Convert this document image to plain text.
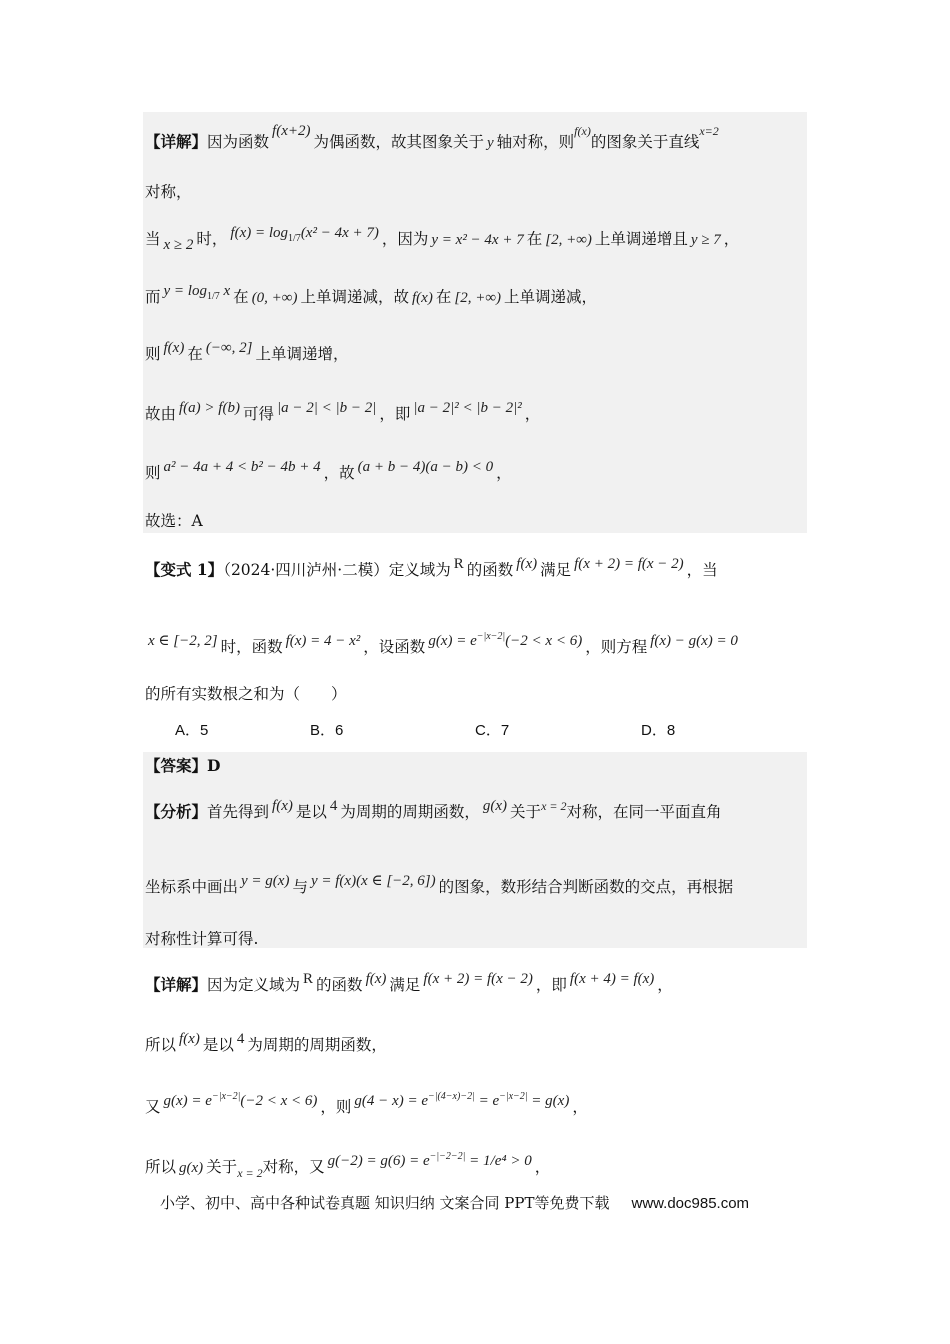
【详解】因为函数f(x+2)为偶函数，故其图象关于 y 轴对称，则$^{f(x)}$的图象关于直线$^{x=2}$
对称，
当 x ≥ 2 时， $f(x) = \log_{1/7}(x^2 - 4x + 7)$ ，因为 y = x² − 4x + 7 在 [2, +∞) 上单调递增且 y ≥ 7 ，
而 $y = \log_{1/7} x$ 在 (0, +∞) 上单调递减，故 f(x) 在 [2, +∞) 上单调递减，
则 f(x) 在 (−∞, 2] 上单调递增，
故由 f(a) > f(b) 可得 |a − 2| < |b − 2| ，即 |a − 2|² < |b − 2|² ，
则 a² − 4a + 4 < b² − 4b + 4 ，故 (a + b − 4)(a − b) < 0 ，
故选：A
【变式 1】（2024·四川泸州·二模）定义域为 R 的函数 f(x) 满足 f(x + 2) = f(x − 2) ，当
x ∈ [−2, 2] 时，函数 f(x) = 4 − x² ，设函数 $g(x) = e^{-|x-2|}(-2 < x < 6)$ ，则方程 f(x) − g(x) = 0
的所有实数根之和为（　　）
A．5	B．6	C．7	D．8
【答案】D
【分析】首先得到 f(x) 是以 4 为周期的周期函数， g(x) 关于$^{x = 2}$对称，在同一平面直角
坐标系中画出 y = g(x) 与 y = f(x)(x ∈ [−2, 6]) 的图象，数形结合判断函数的交点，再根据
对称性计算可得.
【详解】因为定义域为 R 的函数 f(x) 满足 f(x + 2) = f(x − 2) ，即 f(x + 4) = f(x) ，
所以 f(x) 是以 4 为周期的周期函数，
又 $g(x) = e^{-|x-2|}(-2 < x < 6)$ ，则 $g(4 - x) = e^{-|(4-x)-2|} = e^{-|x-2|} = g(x)$ ，
所以 g(x) 关于$_{x = 2}$对称，又 $g(-2) = g(6) = e^{-|-2-2|} = 1/e^4 > 0$ ，
小学、初中、高中各种试卷真题 知识归纳 文案合同 PPT等免费下载 www.doc985.com
